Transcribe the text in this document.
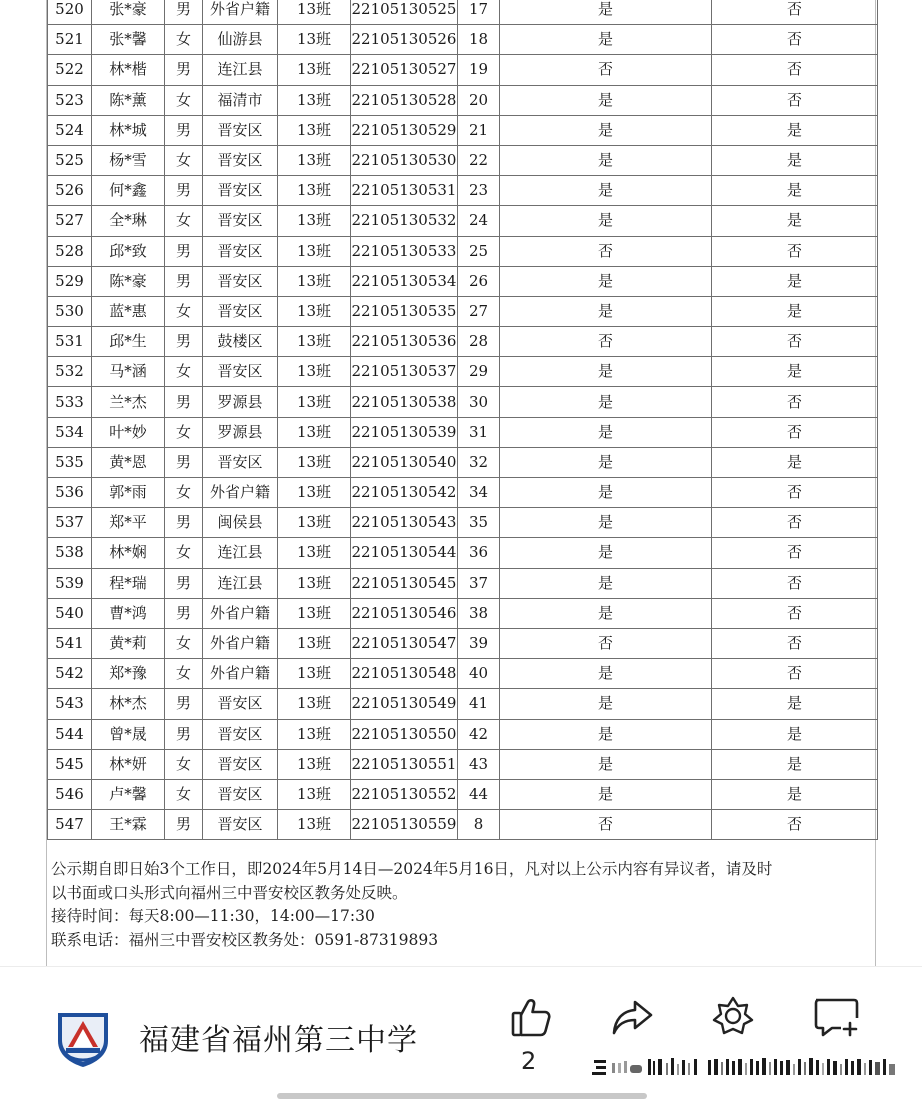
520	张*豪	男	外省户籍	13班	22105130525	17	是	否
521	张*馨	女	仙游县	13班	22105130526	18	是	否
522	林*楷	男	连江县	13班	22105130527	19	否	否
523	陈*薰	女	福清市	13班	22105130528	20	是	否
524	林*城	男	晋安区	13班	22105130529	21	是	是
525	杨*雪	女	晋安区	13班	22105130530	22	是	是
526	何*鑫	男	晋安区	13班	22105130531	23	是	是
527	全*琳	女	晋安区	13班	22105130532	24	是	是
528	邱*致	男	晋安区	13班	22105130533	25	否	否
529	陈*豪	男	晋安区	13班	22105130534	26	是	是
530	蓝*惠	女	晋安区	13班	22105130535	27	是	是
531	邱*生	男	鼓楼区	13班	22105130536	28	否	否
532	马*涵	女	晋安区	13班	22105130537	29	是	是
533	兰*杰	男	罗源县	13班	22105130538	30	是	否
534	叶*妙	女	罗源县	13班	22105130539	31	是	否
535	黄*恩	男	晋安区	13班	22105130540	32	是	是
536	郭*雨	女	外省户籍	13班	22105130542	34	是	否
537	郑*平	男	闽侯县	13班	22105130543	35	是	否
538	林*娴	女	连江县	13班	22105130544	36	是	否
539	程*瑞	男	连江县	13班	22105130545	37	是	否
540	曹*鸿	男	外省户籍	13班	22105130546	38	是	否
541	黄*莉	女	外省户籍	13班	22105130547	39	否	否
542	郑*豫	女	外省户籍	13班	22105130548	40	是	否
543	林*杰	男	晋安区	13班	22105130549	41	是	是
544	曾*晟	男	晋安区	13班	22105130550	42	是	是
545	林*妍	女	晋安区	13班	22105130551	43	是	是
546	卢*馨	女	晋安区	13班	22105130552	44	是	是
547	王*霖	男	晋安区	13班	22105130559	8	否	否

公示期自即日始3个工作日，即2024年5月14日—2024年5月16日，凡对以上公示内容有异议者，请及时

以书面或口头形式向福州三中晋安校区教务处反映。

接待时间：每天8:00—11:30，14:00—17:30

联系电话：福州三中晋安校区教务处：0591-87319893

福建省福州第三中学
2
